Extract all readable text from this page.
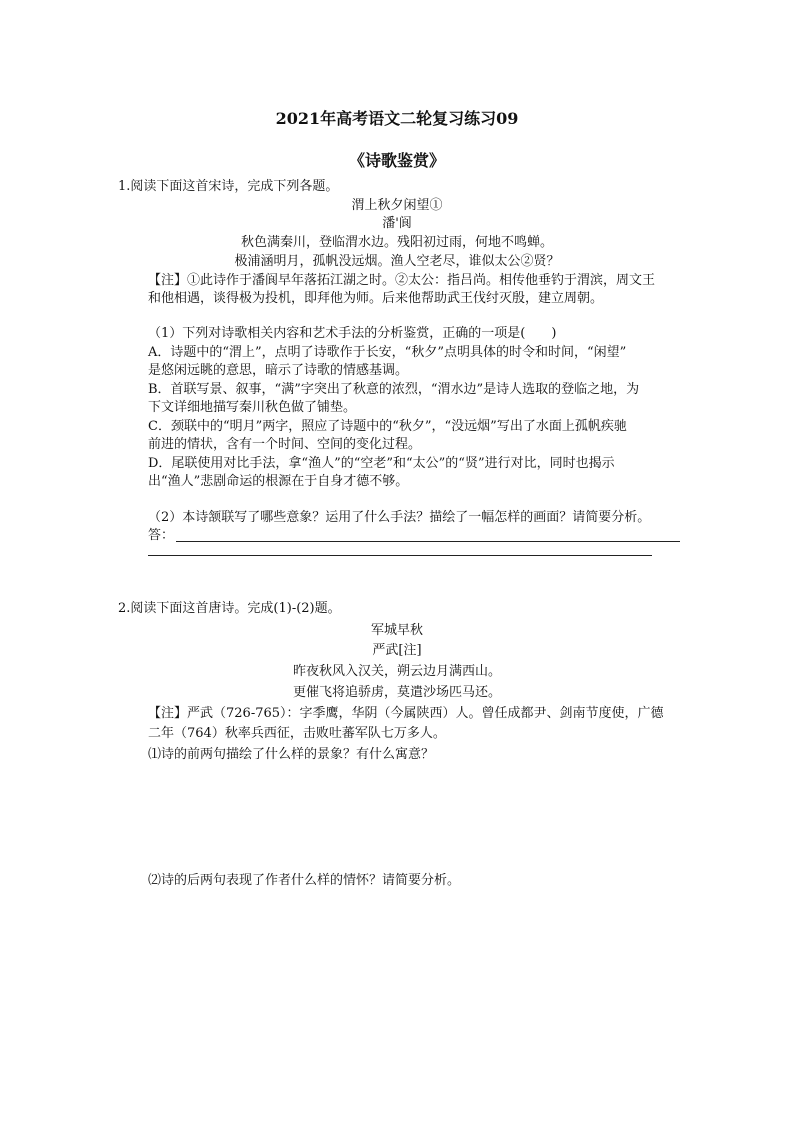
2021年高考语文二轮复习练习09
《诗歌鉴赏》
1.阅读下面这首宋诗，完成下列各题。
渭上秋夕闲望①
潘'阆
秋色满秦川，登临渭水边。残阳初过雨，何地不鸣蝉。
极浦涵明月，孤帆没远烟。渔人空老尽，谁似太公②贤？
【注】①此诗作于潘阆早年落拓江湖之时。②太公：指吕尚。相传他垂钓于渭滨，周文王
和他相遇，谈得极为投机，即拜他为师。后来他帮助武王伐纣灭殷，建立周朝。
（1）下列对诗歌相关内容和艺术手法的分析鉴赏，正确的一项是(　　)
A．诗题中的“渭上”，点明了诗歌作于长安，“秋夕”点明具体的时令和时间，“闲望”
是悠闲远眺的意思，暗示了诗歌的情感基调。
B．首联写景、叙事，“满”字突出了秋意的浓烈，“渭水边”是诗人选取的登临之地，为
下文详细地描写秦川秋色做了铺垫。
C．颈联中的“明月”两字，照应了诗题中的“秋夕”，“没远烟”写出了水面上孤帆疾驰
前进的情状，含有一个时间、空间的变化过程。
D．尾联使用对比手法，拿“渔人”的“空老”和“太公”的“贤”进行对比，同时也揭示
出“渔人”悲剧命运的根源在于自身才德不够。
（2）本诗颔联写了哪些意象？运用了什么手法？描绘了一幅怎样的画面？请简要分析。
答：
2.阅读下面这首唐诗。完成(1)-(2)题。
军城早秋
严武[注]
昨夜秋风入汉关，朔云边月满西山。
更催飞将追骄虏，莫遣沙场匹马还。
【注】严武（726-765）：字季鹰，华阴（今属陕西）人。曾任成都尹、剑南节度使，广德
二年（764）秋率兵西征，击败吐蕃军队七万多人。
⑴诗的前两句描绘了什么样的景象？有什么寓意？
⑵诗的后两句表现了作者什么样的情怀？请简要分析。
